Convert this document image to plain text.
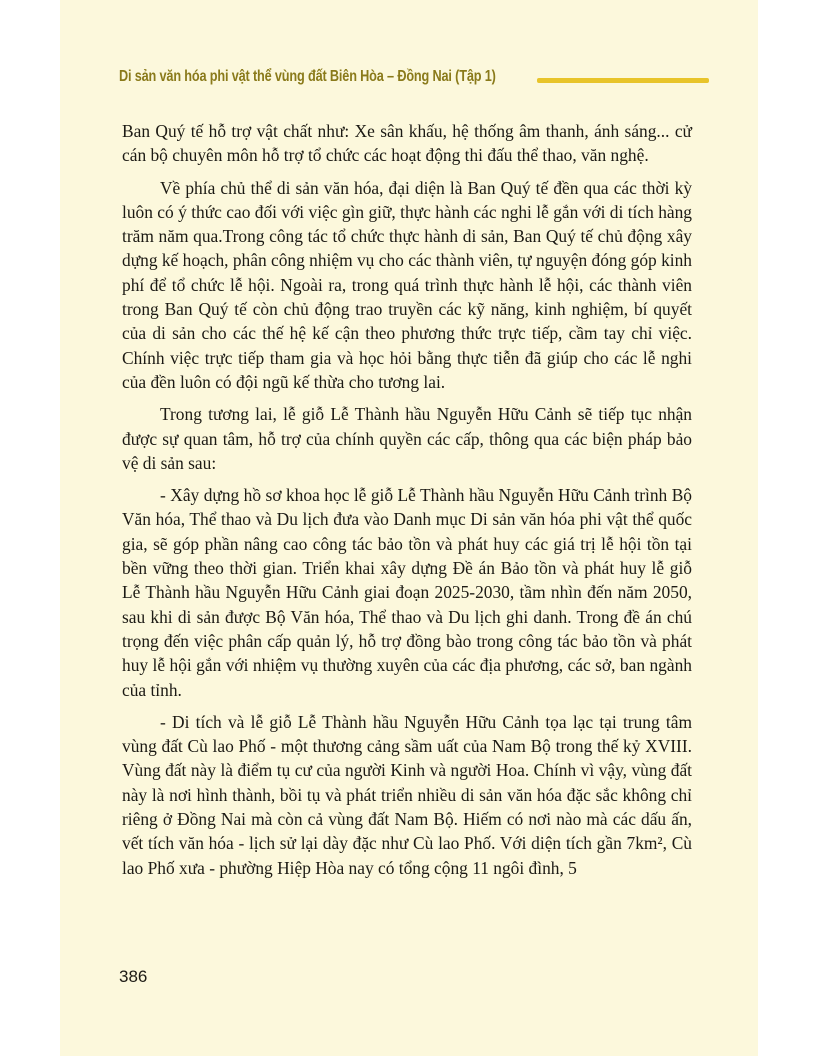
Di sản văn hóa phi vật thể vùng đất Biên Hòa – Đồng Nai (Tập 1)

Ban Quý tế hỗ trợ vật chất như: Xe sân khấu, hệ thống âm thanh, ánh sáng... cử cán bộ chuyên môn hỗ trợ tổ chức các hoạt động thi đấu thể thao, văn nghệ.

Về phía chủ thể di sản văn hóa, đại diện là Ban Quý tế đền qua các thời kỳ luôn có ý thức cao đối với việc gìn giữ, thực hành các nghi lễ gắn với di tích hàng trăm năm qua.Trong công tác tổ chức thực hành di sản, Ban Quý tế chủ động xây dựng kế hoạch, phân công nhiệm vụ cho các thành viên, tự nguyện đóng góp kinh phí để tổ chức lễ hội. Ngoài ra, trong quá trình thực hành lễ hội, các thành viên trong Ban Quý tế còn chủ động trao truyền các kỹ năng, kinh nghiệm, bí quyết của di sản cho các thế hệ kế cận theo phương thức trực tiếp, cầm tay chỉ việc. Chính việc trực tiếp tham gia và học hỏi bằng thực tiễn đã giúp cho các lễ nghi của đền luôn có đội ngũ kế thừa cho tương lai.

Trong tương lai, lễ giỗ Lễ Thành hầu Nguyễn Hữu Cảnh sẽ tiếp tục nhận được sự quan tâm, hỗ trợ của chính quyền các cấp, thông qua các biện pháp bảo vệ di sản sau:

- Xây dựng hồ sơ khoa học lễ giỗ Lễ Thành hầu Nguyễn Hữu Cảnh trình Bộ Văn hóa, Thể thao và Du lịch đưa vào Danh mục Di sản văn hóa phi vật thể quốc gia, sẽ góp phần nâng cao công tác bảo tồn và phát huy các giá trị lễ hội tồn tại bền vững theo thời gian. Triển khai xây dựng Đề án Bảo tồn và phát huy lễ giỗ Lễ Thành hầu Nguyễn Hữu Cảnh giai đoạn 2025-2030, tầm nhìn đến năm 2050, sau khi di sản được Bộ Văn hóa, Thể thao và Du lịch ghi danh. Trong đề án chú trọng đến việc phân cấp quản lý, hỗ trợ đồng bào trong công tác bảo tồn và phát huy lễ hội gắn với nhiệm vụ thường xuyên của các địa phương, các sở, ban ngành của tỉnh.

- Di tích và lễ giỗ Lễ Thành hầu Nguyễn Hữu Cảnh tọa lạc tại trung tâm vùng đất Cù lao Phố - một thương cảng sầm uất của Nam Bộ trong thế kỷ XVIII. Vùng đất này là điểm tụ cư của người Kinh và người Hoa. Chính vì vậy, vùng đất này là nơi hình thành, bồi tụ và phát triển nhiều di sản văn hóa đặc sắc không chỉ riêng ở Đồng Nai mà còn cả vùng đất Nam Bộ. Hiếm có nơi nào mà các dấu ấn, vết tích văn hóa - lịch sử lại dày đặc như Cù lao Phố. Với diện tích gần 7km², Cù lao Phố xưa - phường Hiệp Hòa nay có tổng cộng 11 ngôi đình, 5

386
